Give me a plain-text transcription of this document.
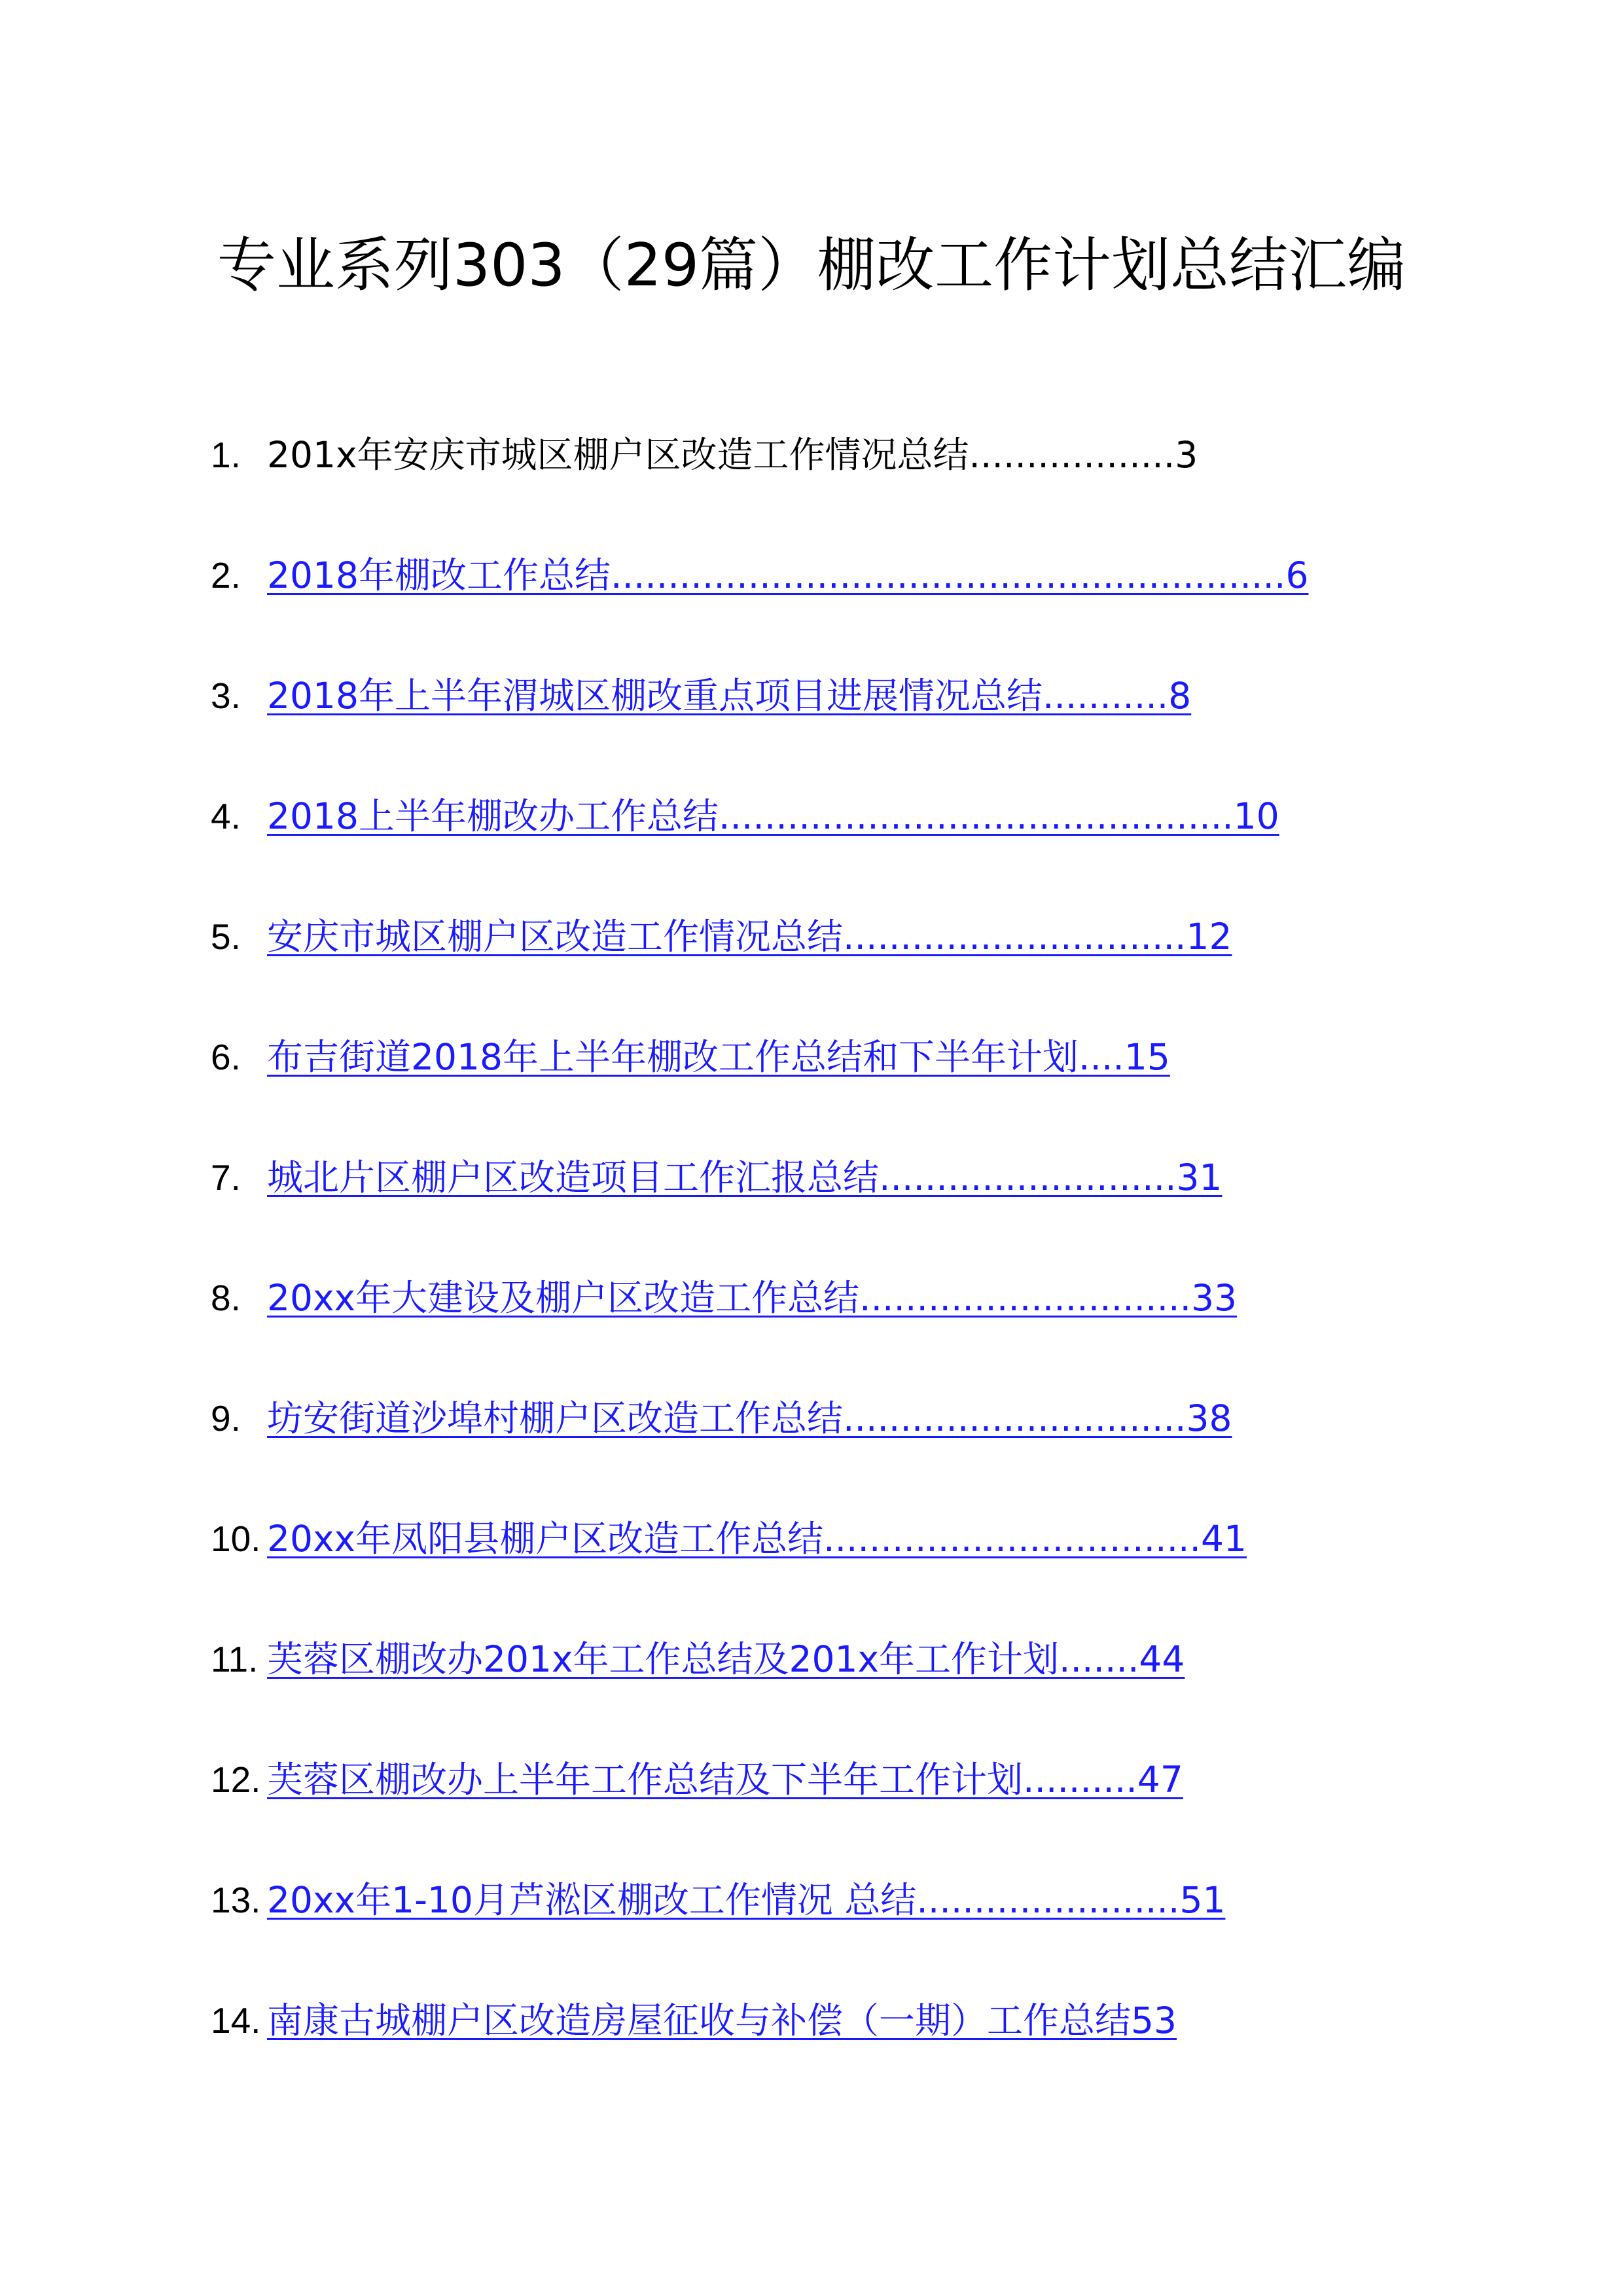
专业系列303（29篇）棚改工作计划总结汇编
1. 201x年安庆市城区棚户区改造工作情况总结..................3
2. 2018年棚改工作总结...........................................................6
3. 2018年上半年渭城区棚改重点项目进展情况总结...........8
4. 2018上半年棚改办工作总结.............................................10
5. 安庆市城区棚户区改造工作情况总结..............................12
6. 布吉街道2018年上半年棚改工作总结和下半年计划....15
7. 城北片区棚户区改造项目工作汇报总结..........................31
8. 20xx年大建设及棚户区改造工作总结.............................33
9. 坊安街道沙埠村棚户区改造工作总结..............................38
10. 20xx年凤阳县棚户区改造工作总结.................................41
11. 芙蓉区棚改办201x年工作总结及201x年工作计划.......44
12. 芙蓉区棚改办上半年工作总结及下半年工作计划..........47
13. 20xx年1-10月芦淞区棚改工作情况 总结.......................51
14. 南康古城棚户区改造房屋征收与补偿（一期）工作总结53
